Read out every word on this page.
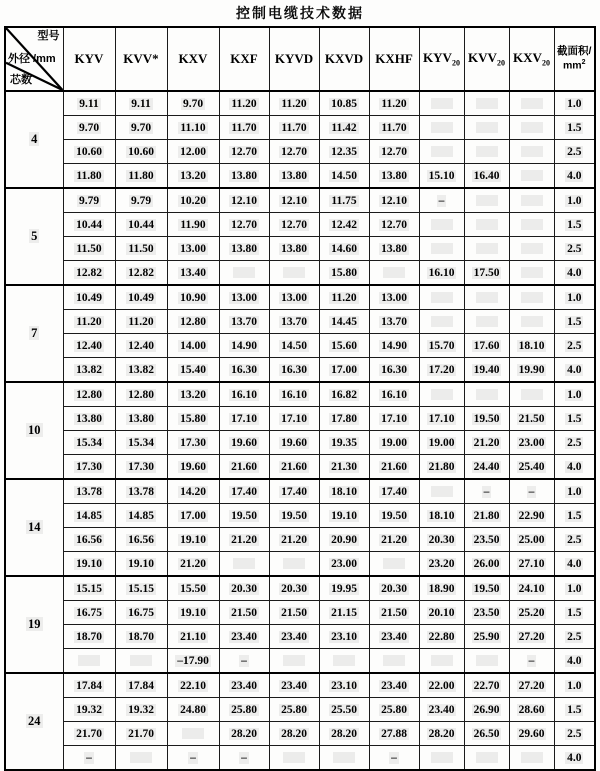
控制电缆技术数据
型号
外径 /mm
芯数	KYV	KVV*	KXV	KXF	KYVD	KXVD	KXHF	$KYV_{20}$	$KVV_{20}$	$KXV_{20}$	截面积/
$mm^2$
4	9.11	9.11	9.70	11.20	11.20	10.85	11.20				1.0
	9.70	9.70	11.10	11.70	11.70	11.42	11.70				1.5
	10.60	10.60	12.00	12.70	12.70	12.35	12.70				2.5
	11.80	11.80	13.20	13.80	13.80	14.50	13.80	15.10	16.40		4.0
5	9.79	9.79	10.20	12.10	12.10	11.75	12.10	–			1.0
	10.44	10.44	11.90	12.70	12.70	12.42	12.70				1.5
	11.50	11.50	13.00	13.80	13.80	14.60	13.80				2.5
	12.82	12.82	13.40			15.80		16.10	17.50		4.0
7	10.49	10.49	10.90	13.00	13.00	11.20	13.00				1.0
	11.20	11.20	12.80	13.70	13.70	14.45	13.70				1.5
	12.40	12.40	14.00	14.90	14.50	15.60	14.90	15.70	17.60	18.10	2.5
	13.82	13.82	15.40	16.30	16.30	17.00	16.30	17.20	19.40	19.90	4.0
10	12.80	12.80	13.20	16.10	16.10	16.82	16.10				1.0
	13.80	13.80	15.80	17.10	17.10	17.80	17.10	17.10	19.50	21.50	1.5
	15.34	15.34	17.30	19.60	19.60	19.35	19.00	19.00	21.20	23.00	2.5
	17.30	17.30	19.60	21.60	21.60	21.30	21.60	21.80	24.40	25.40	4.0
14	13.78	13.78	14.20	17.40	17.40	18.10	17.40		–	–	1.0
	14.85	14.85	17.00	19.50	19.50	19.10	19.50	18.10	21.80	22.90	1.5
	16.56	16.56	19.10	21.20	21.20	20.90	21.20	20.30	23.50	25.00	2.5
	19.10	19.10	21.20			23.00		23.20	26.00	27.10	4.0
19	15.15	15.15	15.50	20.30	20.30	19.95	20.30	18.90	19.50	24.10	1.0
	16.75	16.75	19.10	21.50	21.50	21.15	21.50	20.10	23.50	25.20	1.5
	18.70	18.70	21.10	23.40	23.40	23.10	23.40	22.80	25.90	27.20	2.5
			–17.90	–						–	4.0
24	17.84	17.84	22.10	23.40	23.40	23.10	23.40	22.00	22.70	27.20	1.0
	19.32	19.32	24.80	25.80	25.80	25.50	25.80	23.40	26.90	28.60	1.5
	21.70	21.70		28.20	28.20	28.20	27.88	28.20	26.50	29.60	2.5
	–		–	–			–				4.0
